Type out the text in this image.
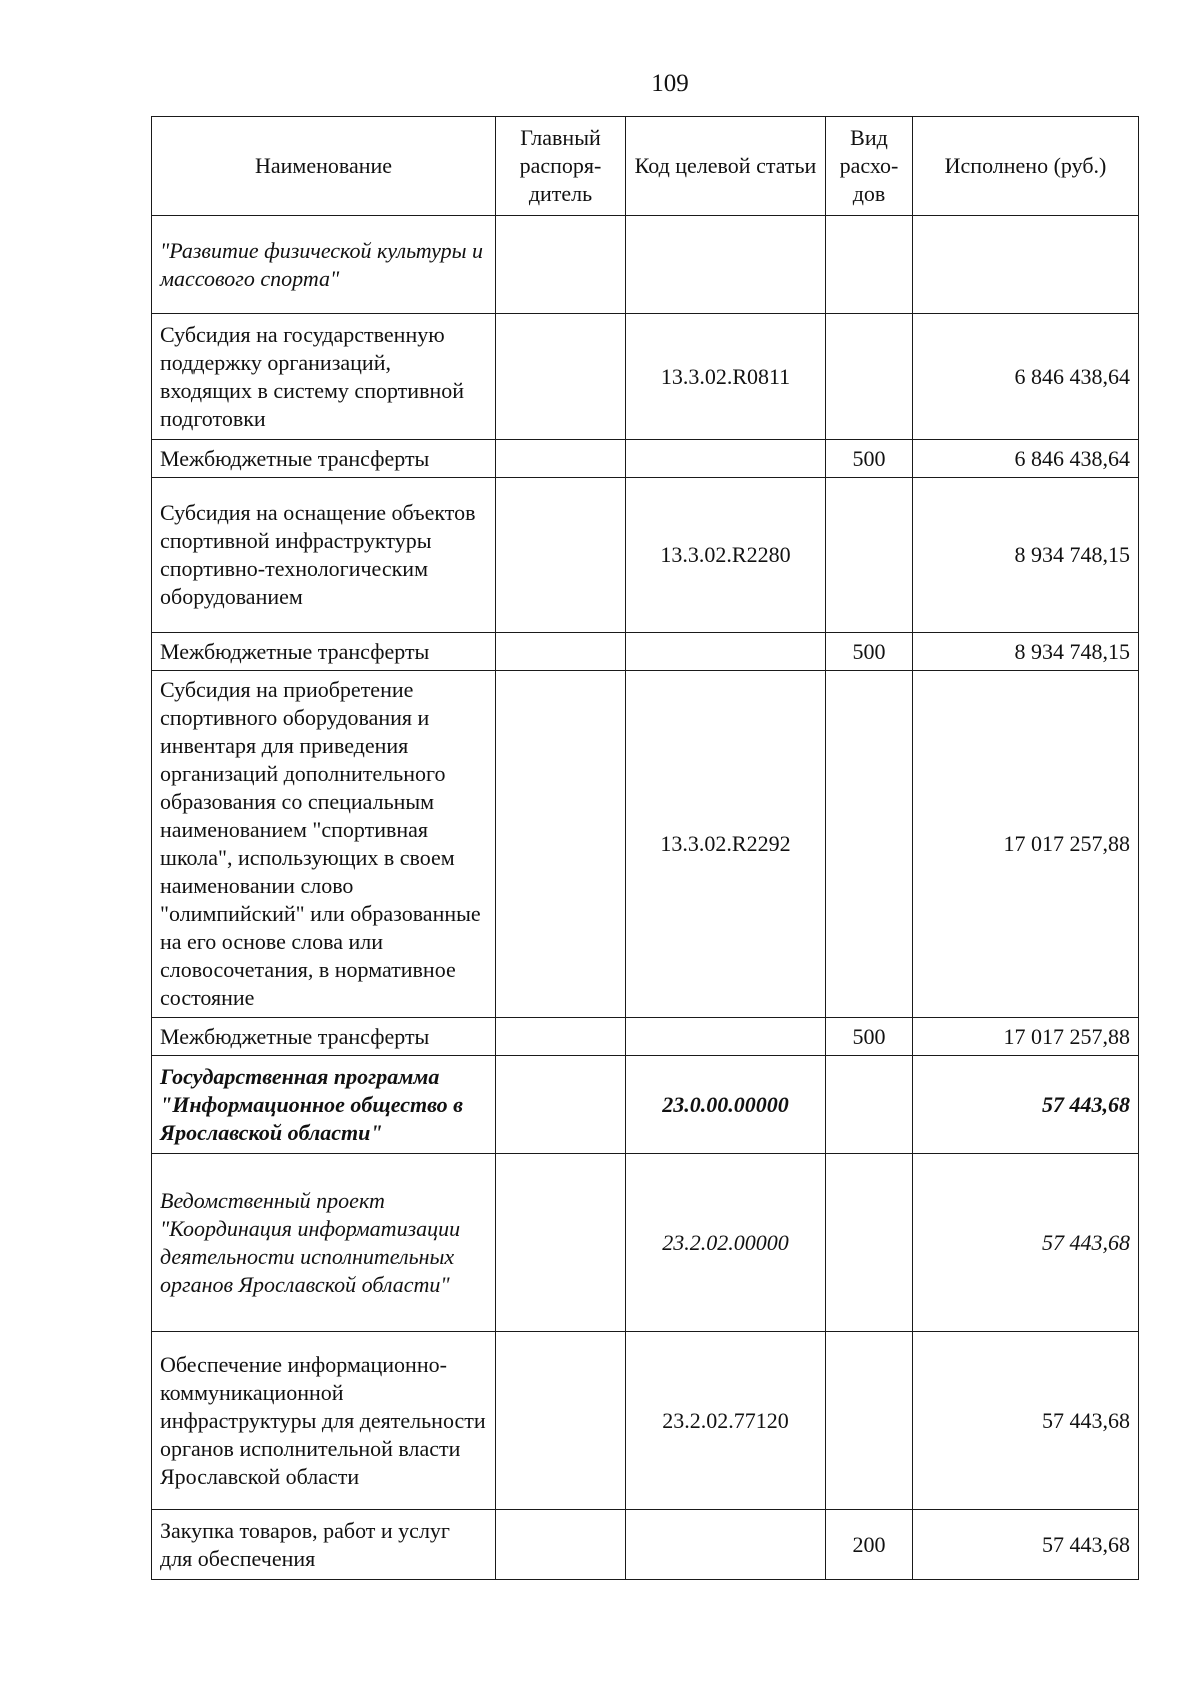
109
Наименование	Главный распоря-дитель	Код целевой статьи	Вид расхо-дов	Исполнено (руб.)
"Развитие физической культуры и массового спорта"				
Субсидия на государственную поддержку организаций, входящих в систему спортивной подготовки		13.3.02.R0811		6 846 438,64
Межбюджетные трансферты			500	6 846 438,64
Субсидия на оснащение объектов спортивной инфраструктуры спортивно-технологическим оборудованием		13.3.02.R2280		8 934 748,15
Межбюджетные трансферты			500	8 934 748,15
Субсидия на приобретение спортивного оборудования и инвентаря для приведения организаций дополнительного образования со специальным наименованием "спортивная школа", использующих в своем наименовании слово "олимпийский" или образованные на его основе слова или словосочетания, в нормативное состояние		13.3.02.R2292		17 017 257,88
Межбюджетные трансферты			500	17 017 257,88
Государственная программа "Информационное общество в Ярославской области"		23.0.00.00000		57 443,68
Ведомственный проект "Координация информатизации деятельности исполнительных органов Ярославской области"		23.2.02.00000		57 443,68
Обеспечение информационно-коммуникационной инфраструктуры для деятельности органов исполнительной власти Ярославской области		23.2.02.77120		57 443,68
Закупка товаров, работ и услуг для обеспечения			200	57 443,68
